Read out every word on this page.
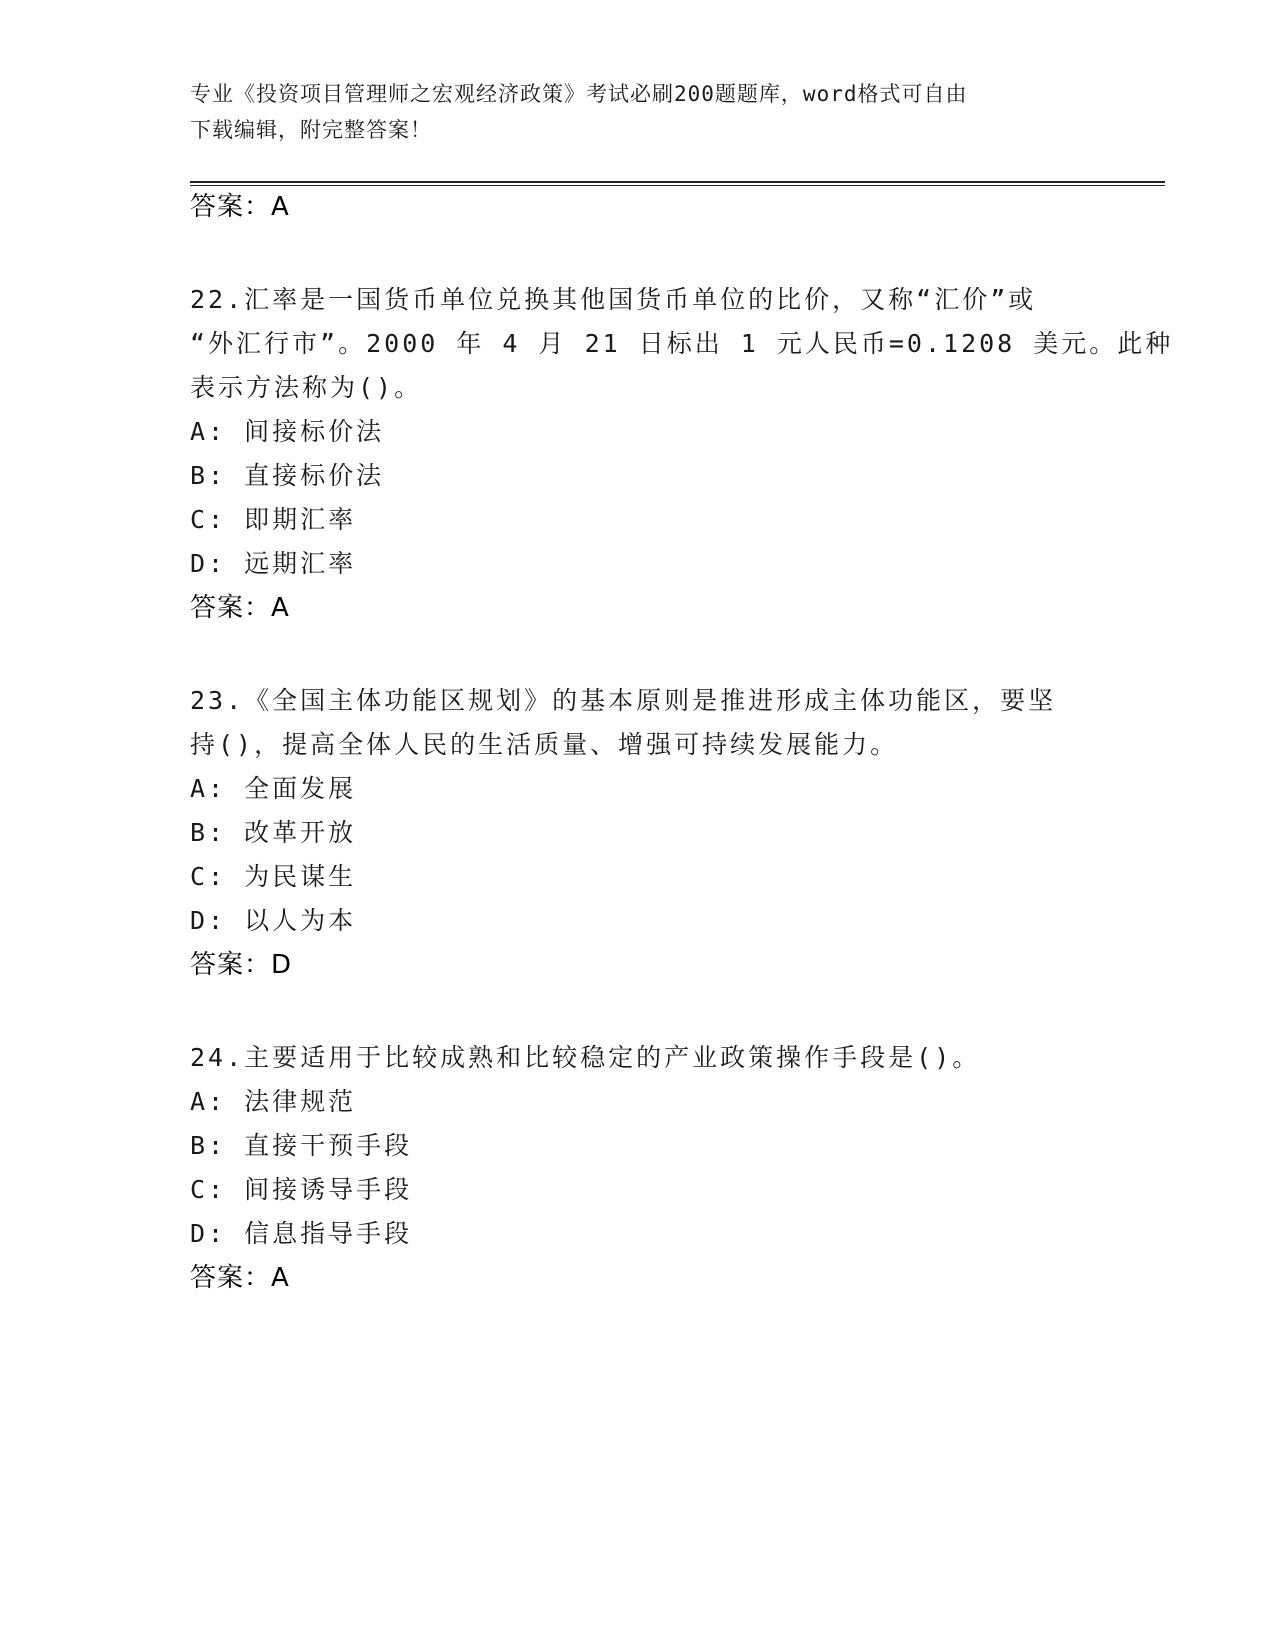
专业《投资项目管理师之宏观经济政策》考试必刷200题题库，word格式可自由
下载编辑，附完整答案！
答案：A
22.汇率是一国货币单位兑换其他国货币单位的比价，又称“汇价”或
“外汇行市”。2000 年 4 月 21 日标出 1 元人民币=0.1208 美元。此种
表示方法称为()。
A: 间接标价法
B: 直接标价法
C: 即期汇率
D: 远期汇率
答案：A
23.《全国主体功能区规划》的基本原则是推进形成主体功能区，要坚
持()，提高全体人民的生活质量、增强可持续发展能力。
A: 全面发展
B: 改革开放
C: 为民谋生
D: 以人为本
答案：D
24.主要适用于比较成熟和比较稳定的产业政策操作手段是()。
A: 法律规范
B: 直接干预手段
C: 间接诱导手段
D: 信息指导手段
答案：A
